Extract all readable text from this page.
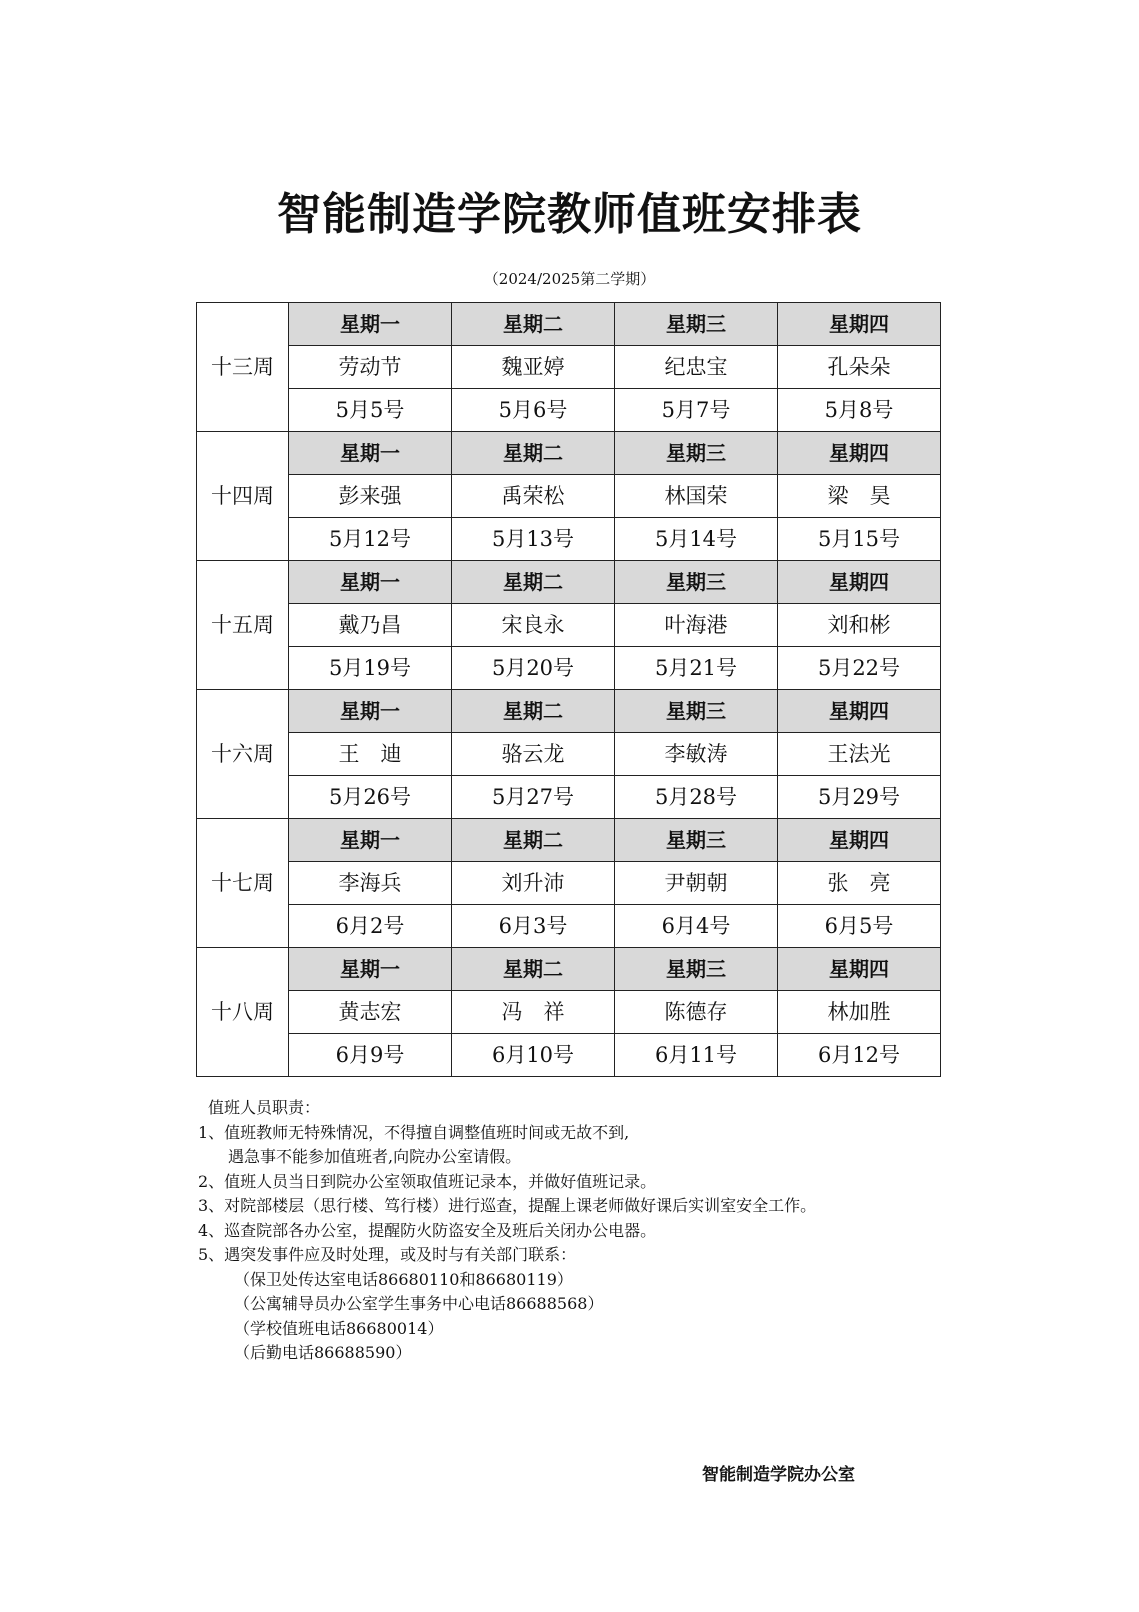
智能制造学院教师值班安排表
（2024/2025第二学期）
十三周	星期一	星期二	星期三	星期四
	劳动节	魏亚婷	纪忠宝	孔朵朵
	5月5号	5月6号	5月7号	5月8号
十四周	星期一	星期二	星期三	星期四
	彭来强	禹荣松	林国荣	梁　昊
	5月12号	5月13号	5月14号	5月15号
十五周	星期一	星期二	星期三	星期四
	戴乃昌	宋良永	叶海港	刘和彬
	5月19号	5月20号	5月21号	5月22号
十六周	星期一	星期二	星期三	星期四
	王　迪	骆云龙	李敏涛	王法光
	5月26号	5月27号	5月28号	5月29号
十七周	星期一	星期二	星期三	星期四
	李海兵	刘升沛	尹朝朝	张　亮
	6月2号	6月3号	6月4号	6月5号
十八周	星期一	星期二	星期三	星期四
	黄志宏	冯　祥	陈德存	林加胜
	6月9号	6月10号	6月11号	6月12号
值班人员职责：
1、值班教师无特殊情况，不得擅自调整值班时间或无故不到,
遇急事不能参加值班者,向院办公室请假。
2、值班人员当日到院办公室领取值班记录本，并做好值班记录。
3、对院部楼层（思行楼、笃行楼）进行巡查，提醒上课老师做好课后实训室安全工作。
4、巡查院部各办公室，提醒防火防盗安全及班后关闭办公电器。
5、遇突发事件应及时处理，或及时与有关部门联系：
（保卫处传达室电话86680110和86680119）
（公寓辅导员办公室学生事务中心电话86688568）
（学校值班电话86680014）
（后勤电话86688590）
智能制造学院办公室
